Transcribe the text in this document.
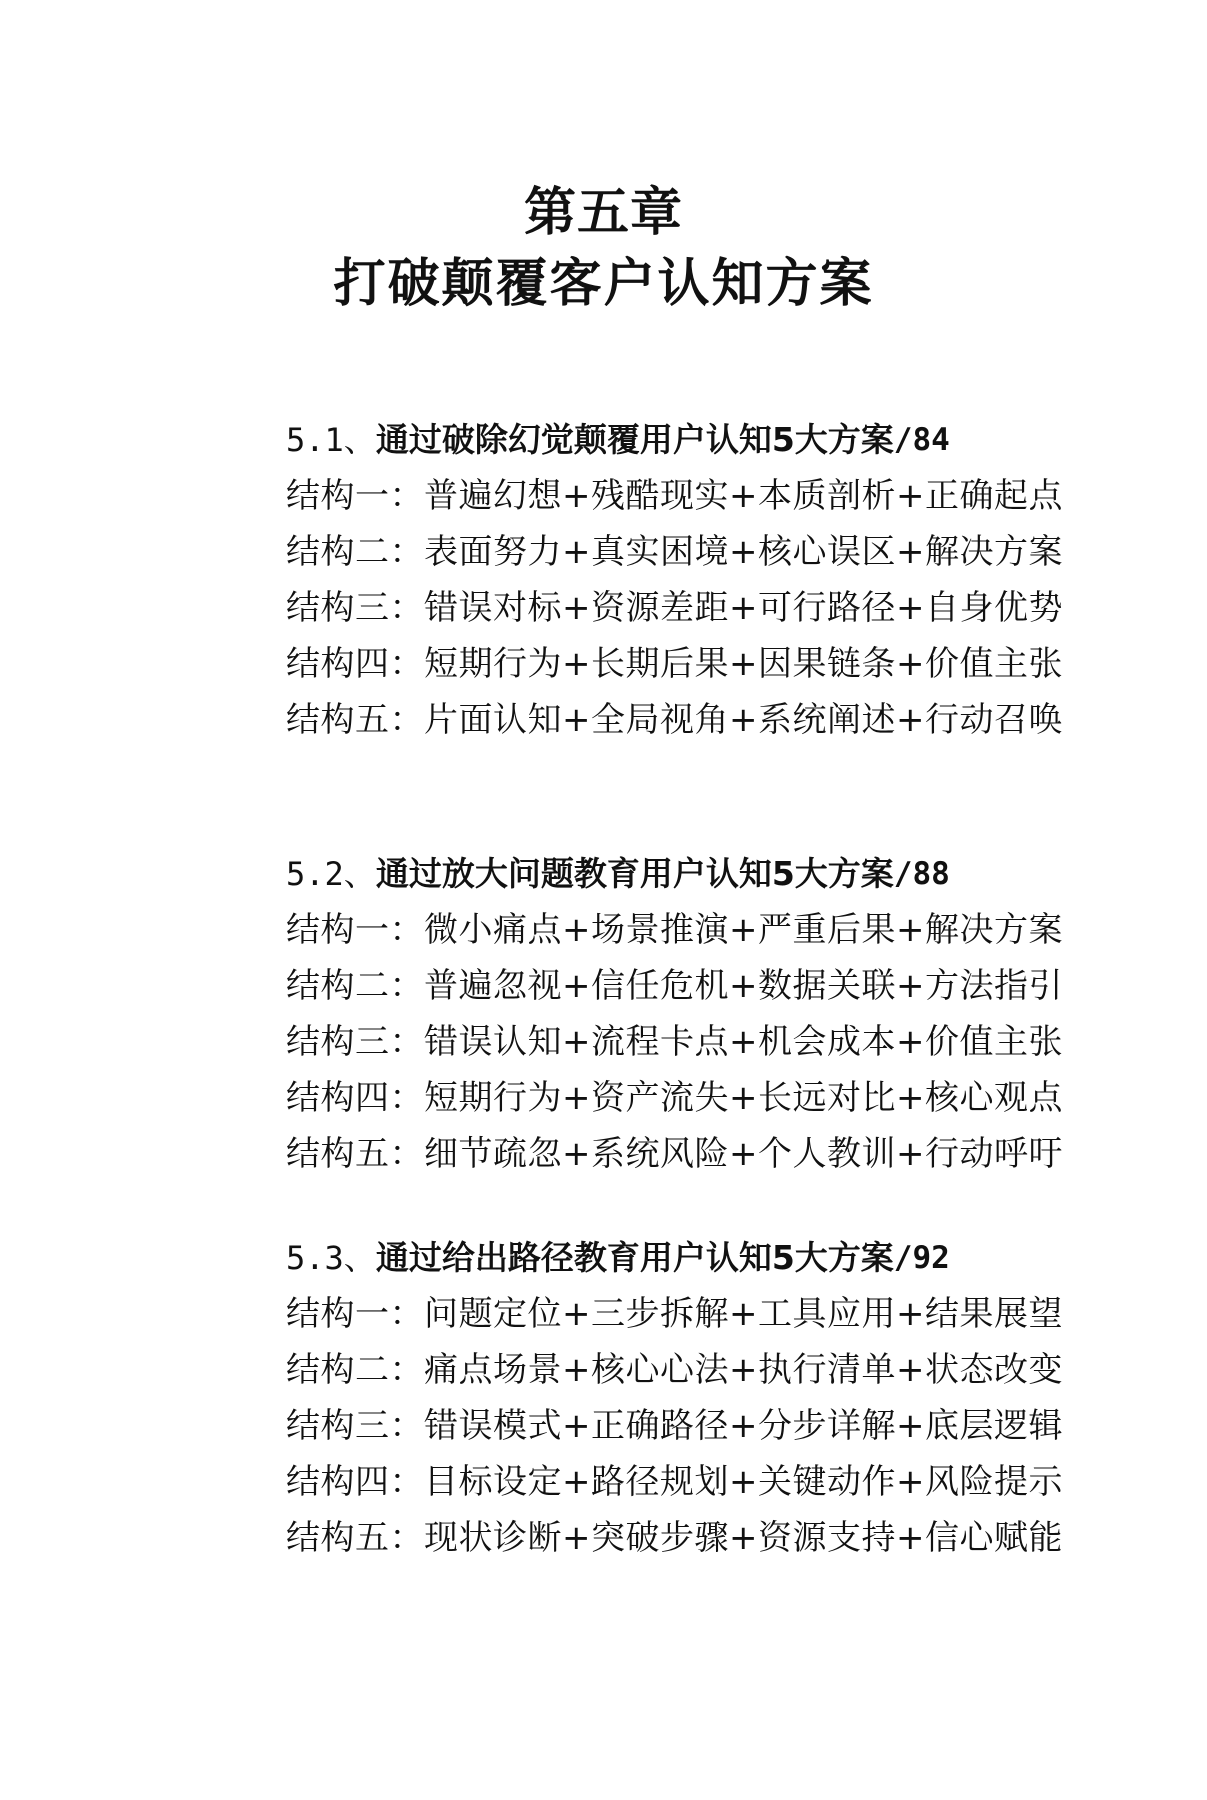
第五章
打破颠覆客户认知方案
5.1、 通过破除幻觉颠覆用户认知5大方案 /84
结构一：普遍幻想+残酷现实+本质剖析+正确起点
结构二：表面努力+真实困境+核心误区+解决方案
结构三：错误对标+资源差距+可行路径+自身优势
结构四：短期行为+长期后果+因果链条+价值主张
结构五：片面认知+全局视角+系统阐述+行动召唤
5.2、 通过放大问题教育用户认知5大方案 /88
结构一：微小痛点+场景推演+严重后果+解决方案
结构二：普遍忽视+信任危机+数据关联+方法指引
结构三：错误认知+流程卡点+机会成本+价值主张
结构四：短期行为+资产流失+长远对比+核心观点
结构五：细节疏忽+系统风险+个人教训+行动呼吁
5.3、 通过给出路径教育用户认知5大方案 /92
结构一：问题定位+三步拆解+工具应用+结果展望
结构二：痛点场景+核心心法+执行清单+状态改变
结构三：错误模式+正确路径+分步详解+底层逻辑
结构四：目标设定+路径规划+关键动作+风险提示
结构五：现状诊断+突破步骤+资源支持+信心赋能
